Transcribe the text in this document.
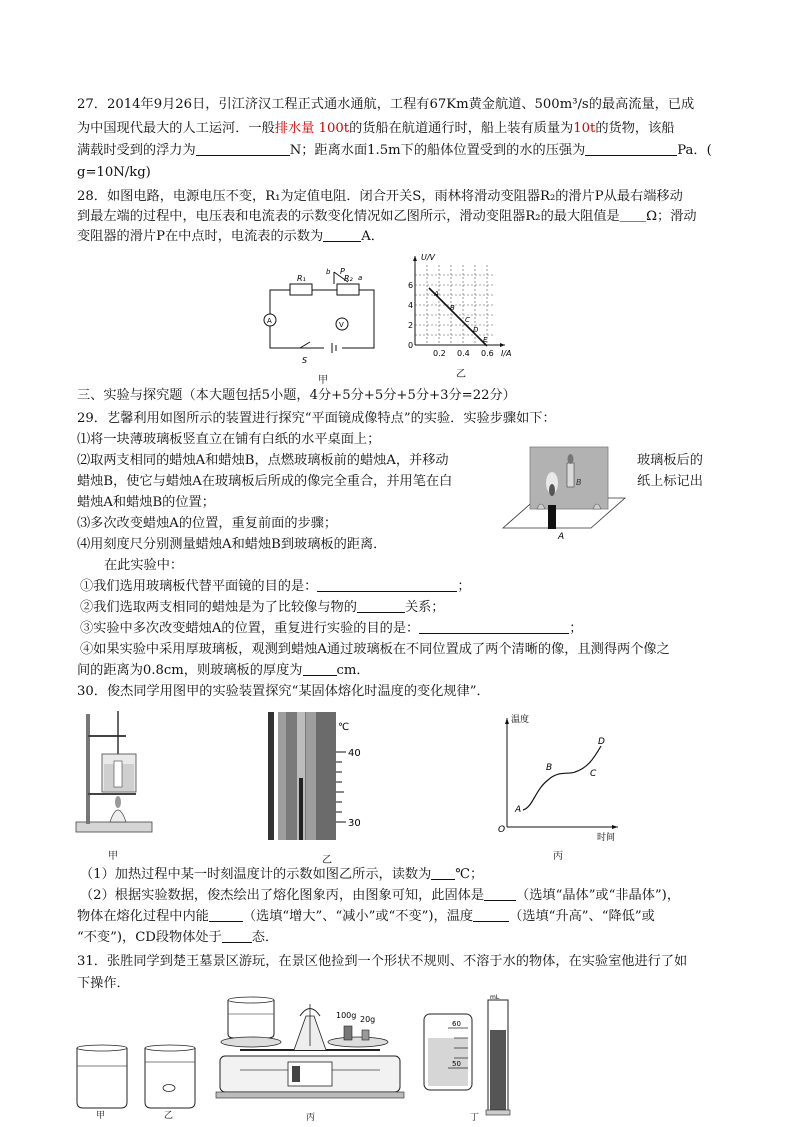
27．2014年9月26日，引江济汉工程正式通水通航，工程有67Km黄金航道、500m³/s的最高流量，已成
为中国现代最大的人工运河．一般排水量 100t的货船在航道通行时，船上装有质量为10t的货物，该船
满载时受到的浮力为	N；距离水面1.5m下的船体位置受到的水的压强为	Pa．(
g=10N/kg)
28．如图电路，电源电压不变，R₁为定值电阻．闭合开关S，雨林将滑动变阻器R₂的滑片P从最右端移动
到最左端的过程中，电压表和电流表的示数变化情况如乙图所示，滑动变阻器R₂的最大阻值是＿＿Ω；滑动
变阻器的滑片P在中点时，电流表的示数为	A．
R₁	R₂
b P
a
A	V
S
甲
U/V
I/A
0
2
4
6
0.2 0.4 0.6
A
B
C
D
E
乙
三、实验与探究题（本大题包括5小题，4分+5分+5分+5分+3分=22分）
29．艺馨利用如图所示的装置进行探究“平面镜成像特点”的实验．实验步骤如下：
⑴将一块薄玻璃板竖直立在铺有白纸的水平桌面上；
⑵取两支相同的蜡烛A和蜡烛B，点燃玻璃板前的蜡烛A，并移动	玻璃板后的
蜡烛B，使它与蜡烛A在玻璃板后所成的像完全重合，并用笔在白	纸上标记出
蜡烛A和蜡烛B的位置；
⑶多次改变蜡烛A的位置，重复前面的步骤；
⑷用刻度尺分别测量蜡烛A和蜡烛B到玻璃板的距离．	A
B
在此实验中：
①我们选用玻璃板代替平面镜的目的是：	；
②我们选取两支相同的蜡烛是为了比较像与物的	关系；
③实验中多次改变蜡烛A的位置，重复进行实验的目的是：	；
④如果实验中采用厚玻璃板，观测到蜡烛A通过玻璃板在不同位置成了两个清晰的像，且测得两个像之
间的距离为0.8cm，则玻璃板的厚度为	cm．
30．俊杰同学用图甲的实验装置探究“某固体熔化时温度的变化规律”．
甲
℃
40
30
乙
温度
时间
O
A
B
C
D
丙
（1）加热过程中某一时刻温度计的示数如图乙所示，读数为 ℃；
（2）根据实验数据，俊杰绘出了熔化图象丙，由图象可知，此固体是 （选填“晶体”或“非晶体”)，
物体在熔化过程中内能	（选填“增大”、“减小”或“不变”)，温度	（选填“升高”、“降低”或
“不变”)，CD段物体处于 态．
31．张胜同学到楚王墓景区游玩，在景区他捡到一个形状不规则、不溶于水的物体，在实验室他进行了如
下操作．
甲	乙
100g 20g
丙
mL
60
50
丁
